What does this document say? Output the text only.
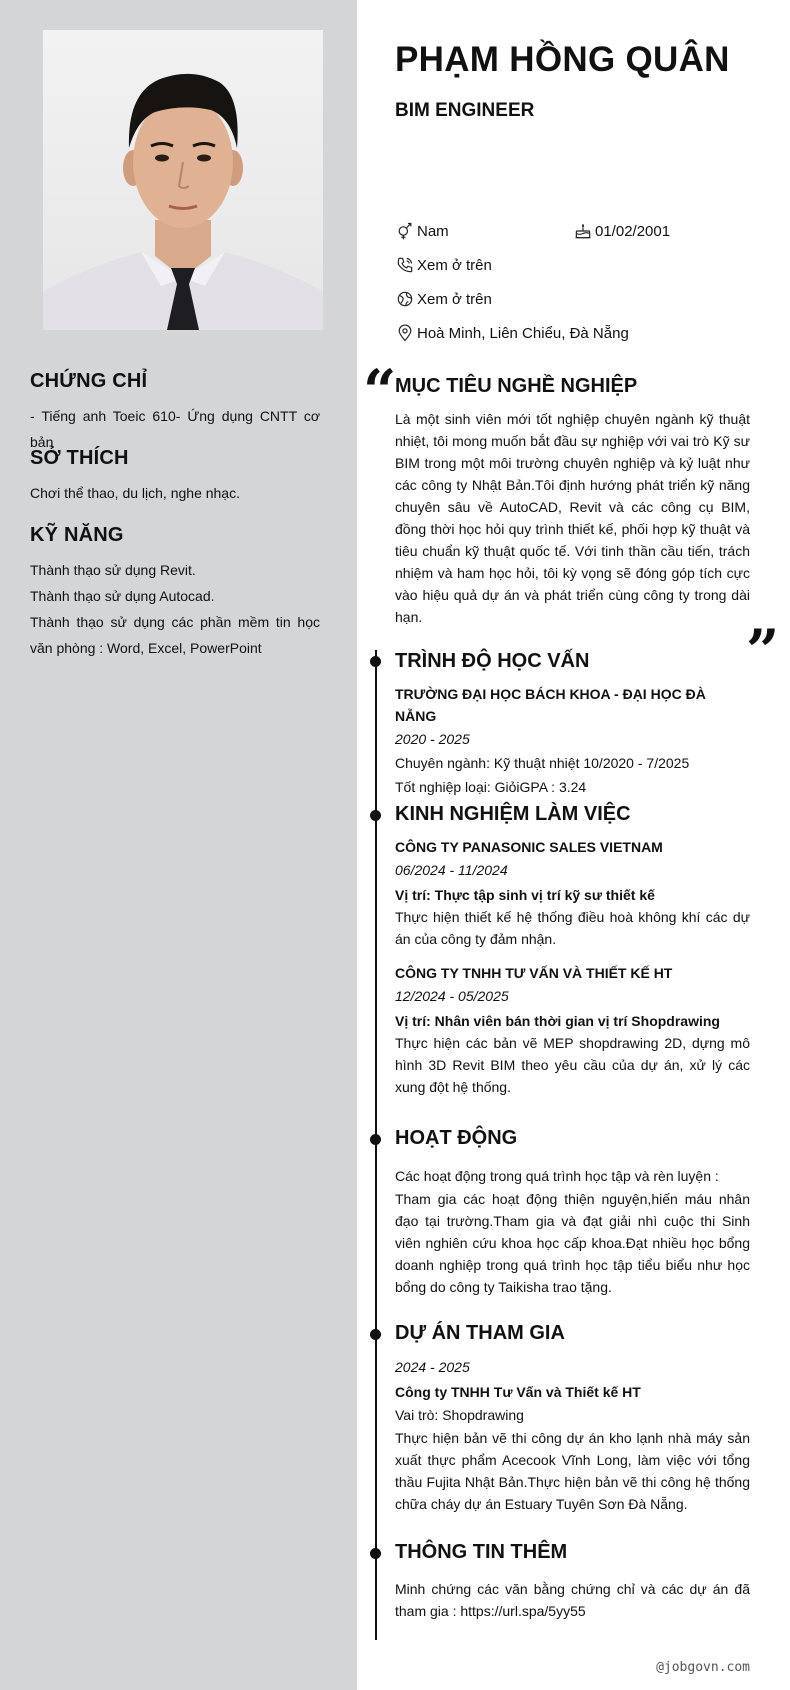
CHỨNG CHỈ
- Tiếng anh Toeic 610- Ứng dụng CNTT cơ bản
SỞ THÍCH
Chơi thể thao, du lịch, nghe nhạc.
KỸ NĂNG
Thành thạo sử dụng Revit.
Thành thạo sử dụng Autocad.
Thành thạo sử dụng các phần mềm tin học văn phòng : Word, Excel, PowerPoint
PHẠM HỒNG QUÂN
BIM ENGINEER
Nam	01/02/2001
Xem ở trên
Xem ở trên
Hoà Minh, Liên Chiểu, Đà Nẵng
“
”
MỤC TIÊU NGHỀ NGHIỆP
Là một sinh viên mới tốt nghiệp chuyên ngành kỹ thuật nhiệt, tôi mong muốn bắt đầu sự nghiệp với vai trò Kỹ sư BIM trong một môi trường chuyên nghiệp và kỷ luật như các công ty Nhật Bản.Tôi định hướng phát triển kỹ năng chuyên sâu về AutoCAD, Revit và các công cụ BIM, đồng thời học hỏi quy trình thiết kế, phối hợp kỹ thuật và tiêu chuẩn kỹ thuật quốc tế. Với tinh thần cầu tiến, trách nhiệm và ham học hỏi, tôi kỳ vọng sẽ đóng góp tích cực vào hiệu quả dự án và phát triển cùng công ty trong dài hạn.
TRÌNH ĐỘ HỌC VẤN
TRƯỜNG ĐẠI HỌC BÁCH KHOA - ĐẠI HỌC ĐÀ NẴNG
2020 - 2025
Chuyên ngành: Kỹ thuật nhiệt 10/2020 - 7/2025
Tốt nghiệp loại: GiỏiGPA : 3.24
KINH NGHIỆM LÀM VIỆC
CÔNG TY PANASONIC SALES VIETNAM
06/2024 - 11/2024
Vị trí: Thực tập sinh vị trí kỹ sư thiết kế
Thực hiện thiết kế hệ thống điều hoà không khí các dự án của công ty đảm nhận.
CÔNG TY TNHH TƯ VẤN VÀ THIẾT KẾ HT
12/2024 - 05/2025
Vị trí: Nhân viên bán thời gian vị trí Shopdrawing
Thực hiện các bản vẽ MEP shopdrawing 2D, dựng mô hình 3D Revit BIM theo yêu cầu của dự án, xử lý các xung đột hệ thống.
HOẠT ĐỘNG
Các hoạt động trong quá trình học tập và rèn luyện :
Tham gia các hoạt động thiện nguyện,hiến máu nhân đạo tại trường.Tham gia và đạt giải nhì cuộc thi Sinh viên nghiên cứu khoa học cấp khoa.Đạt nhiều học bổng doanh nghiệp trong quá trình học tập tiểu biểu như học bổng do công ty Taikisha trao tặng.
DỰ ÁN THAM GIA
2024 - 2025
Công ty TNHH Tư Vấn và Thiết kế HT
Vai trò: Shopdrawing
Thực hiện bản vẽ thi công dự án kho lạnh nhà máy sản xuất thực phẩm Acecook Vĩnh Long, làm việc với tổng thầu Fujita Nhật Bản.Thực hiện bản vẽ thi công hệ thống chữa cháy dự án Estuary Tuyên Sơn Đà Nẵng.
THÔNG TIN THÊM
Minh chứng các văn bằng chứng chỉ và các dự án đã tham gia : https://url.spa/5yy55
@jobgovn.com
